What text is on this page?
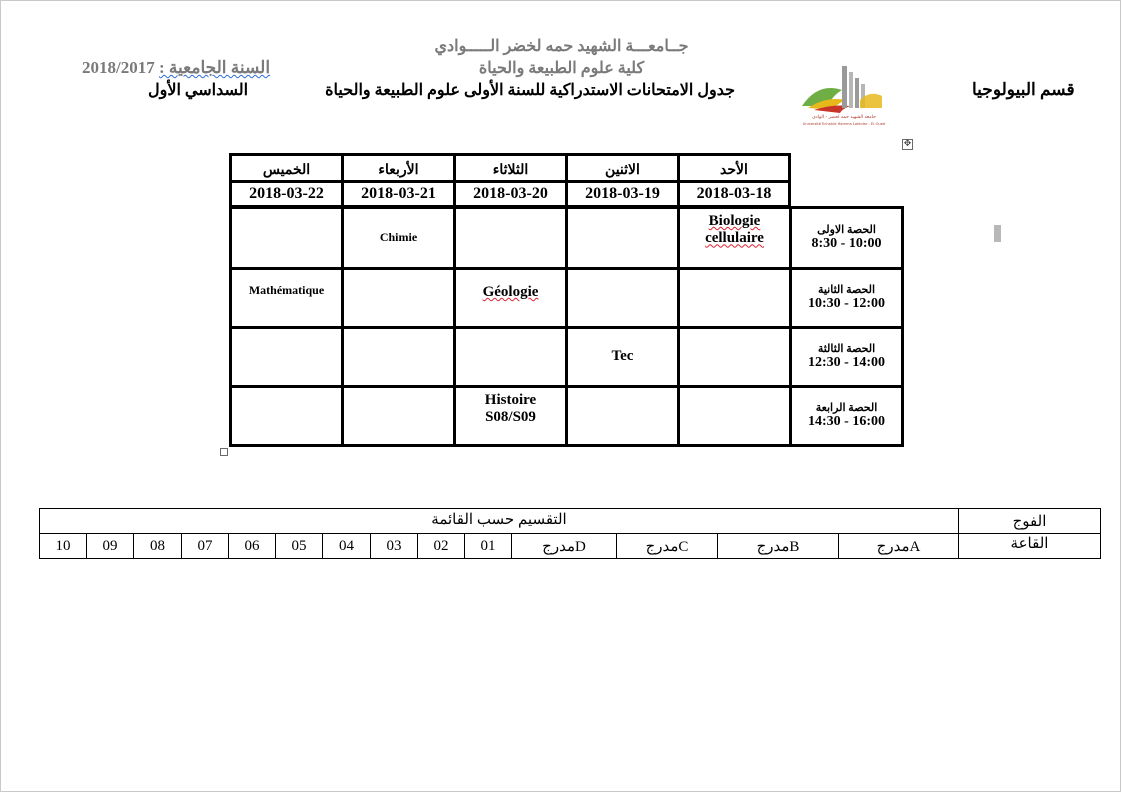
جــامعـــة الشهيد حمه لخضر الـــــوادي
كلية علوم الطبيعة والحياة
السنة الجامعية : 2018/2017
السداسي الأول	جدول الامتحانات الاستدراكية للسنة الأولى علوم الطبيعة والحياة	قسم البيولوجيا
جامعة الشهيد حمه لخضر - الوادي
Université Echahid Hamma Lakhdar - El-Oued
✥
الأحد
2018-03-18
الاثنين
2018-03-19
الثلاثاء
2018-03-20
الأربعاء
2018-03-21
الخميس
2018-03-22
الحصة الاولى
8:30 - 10:00
Biologie
cellulaire
Chimie
الحصة الثانية
10:30 - 12:00
Géologie
Mathématique
الحصة الثالثة
12:30 - 14:00
Tec
الحصة الرابعة
14:30 - 16:00
Histoire
S08/S09
الفوج
التقسيم حسب القائمة
القاعة
مدرجA
مدرجB
مدرجC
مدرجD
01
02
03
04
05
06
07
08
09
10
